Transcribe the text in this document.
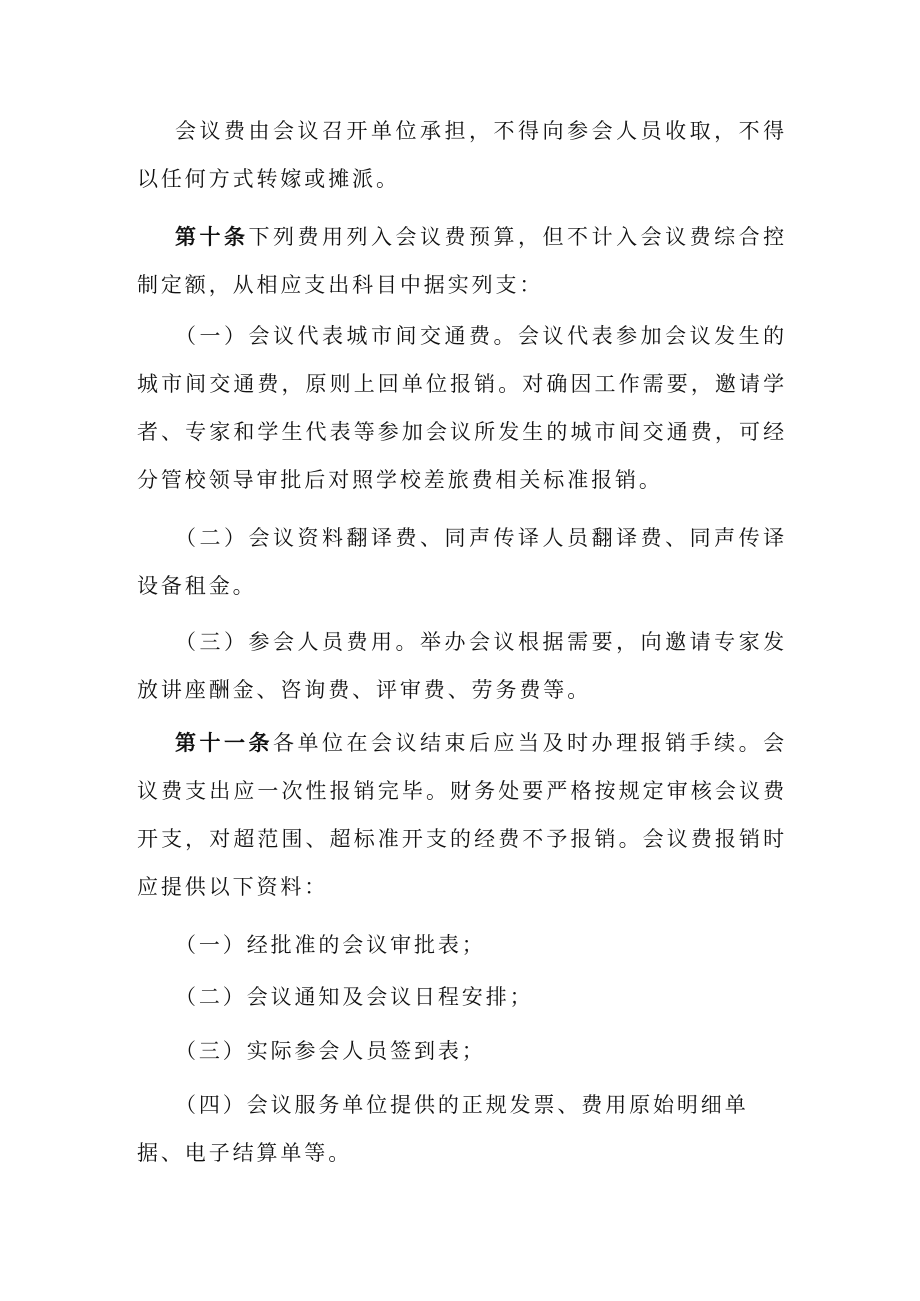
会议费由会议召开单位承担，不得向参会人员收取，不得以任何方式转嫁或摊派。

第十条下列费用列入会议费预算，但不计入会议费综合控制定额，从相应支出科目中据实列支：

（一）会议代表城市间交通费。会议代表参加会议发生的城市间交通费，原则上回单位报销。对确因工作需要，邀请学者、专家和学生代表等参加会议所发生的城市间交通费，可经分管校领导审批后对照学校差旅费相关标准报销。

（二）会议资料翻译费、同声传译人员翻译费、同声传译设备租金。

（三）参会人员费用。举办会议根据需要，向邀请专家发放讲座酬金、咨询费、评审费、劳务费等。

第十一条各单位在会议结束后应当及时办理报销手续。会议费支出应一次性报销完毕。财务处要严格按规定审核会议费开支，对超范围、超标准开支的经费不予报销。会议费报销时应提供以下资料：

（一）经批准的会议审批表；

（二）会议通知及会议日程安排；

（三）实际参会人员签到表；

（四）会议服务单位提供的正规发票、费用原始明细单据、电子结算单等。
